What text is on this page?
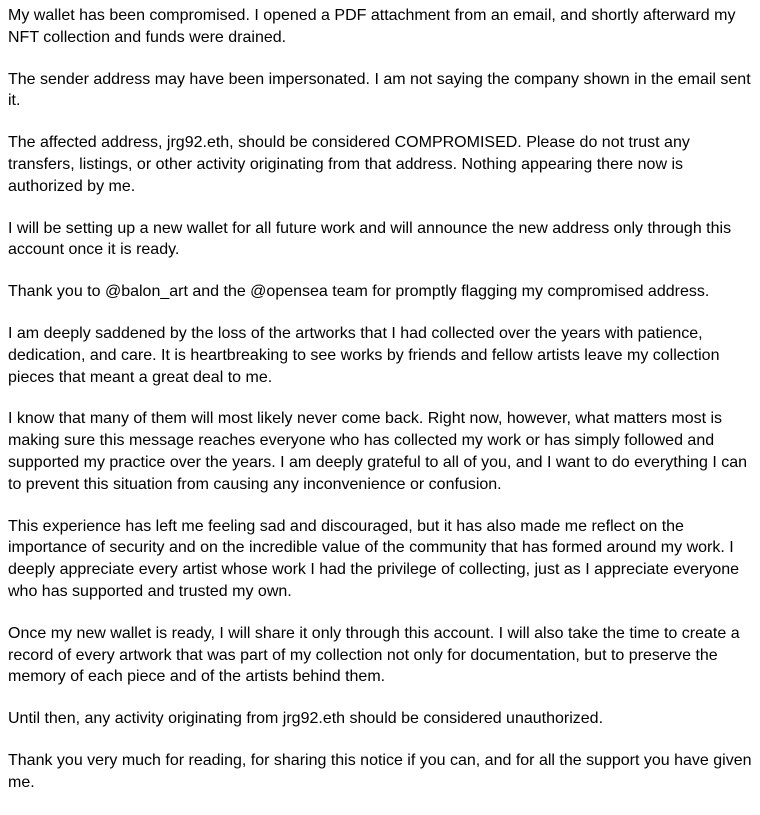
My wallet has been compromised. I opened a PDF attachment from an email, and shortly afterward my NFT collection and funds were drained.

The sender address may have been impersonated. I am not saying the company shown in the email sent it.

The affected address, jrg92.eth, should be considered COMPROMISED. Please do not trust any transfers, listings, or other activity originating from that address. Nothing appearing there now is authorized by me.

I will be setting up a new wallet for all future work and will announce the new address only through this account once it is ready.

Thank you to @balon_art and the @opensea team for promptly flagging my compromised address.

I am deeply saddened by the loss of the artworks that I had collected over the years with patience, dedication, and care. It is heartbreaking to see works by friends and fellow artists leave my collection pieces that meant a great deal to me.

I know that many of them will most likely never come back. Right now, however, what matters most is making sure this message reaches everyone who has collected my work or has simply followed and supported my practice over the years. I am deeply grateful to all of you, and I want to do everything I can to prevent this situation from causing any inconvenience or confusion.

This experience has left me feeling sad and discouraged, but it has also made me reflect on the importance of security and on the incredible value of the community that has formed around my work. I deeply appreciate every artist whose work I had the privilege of collecting, just as I appreciate everyone who has supported and trusted my own.

Once my new wallet is ready, I will share it only through this account. I will also take the time to create a record of every artwork that was part of my collection not only for documentation, but to preserve the memory of each piece and of the artists behind them.

Until then, any activity originating from jrg92.eth should be considered unauthorized.

Thank you very much for reading, for sharing this notice if you can, and for all the support you have given me.
